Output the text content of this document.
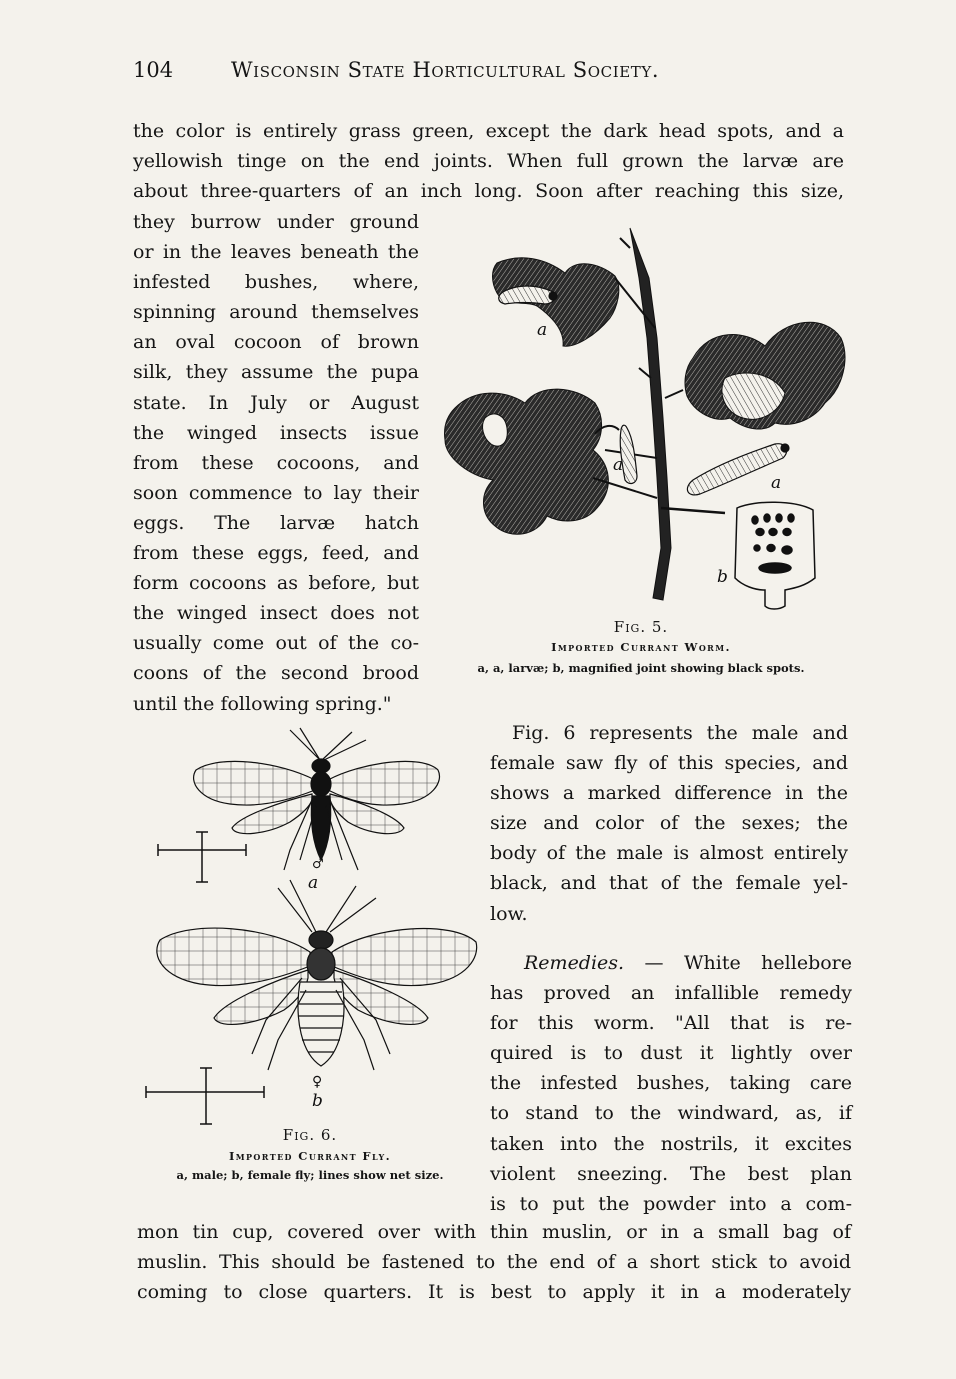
104	Wisconsin State Horticultural Society.
the color is entirely grass green, except the dark head spots, and a
yellowish tinge on the end joints. When full grown the larvæ are
about three-quarters of an inch long. Soon after reaching this size,
they burrow under ground
or in the leaves beneath the
infested bushes, where,
spinning around themselves
an oval cocoon of brown
silk, they assume the pupa
state. In July or August
the winged insects issue
from these cocoons, and
soon commence to lay their
eggs. The larvæ hatch
from these eggs, feed, and
form cocoons as before, but
the winged insect does not
usually come out of the co-
coons of the second brood
until the following spring."
a
a
a
b
Fig. 5.
Imported Currant Worm.
a, a, larvæ; b, magnified joint showing black spots.
♂
a
♀
b
Fig. 6.
Imported Currant Fly.
a, male; b, female fly; lines show net size.
Fig. 6 represents the male and
female saw fly of this species, and
shows a marked difference in the
size and color of the sexes; the
body of the male is almost entirely
black, and that of the female yel-
low.
Remedies. — White hellebore
has proved an infallible remedy
for this worm. "All that is re-
quired is to dust it lightly over
the infested bushes, taking care
to stand to the windward, as, if
taken into the nostrils, it excites
violent sneezing. The best plan
is to put the powder into a com-
mon tin cup, covered over with thin muslin, or in a small bag of
muslin. This should be fastened to the end of a short stick to avoid
coming to close quarters. It is best to apply it in a moderately
